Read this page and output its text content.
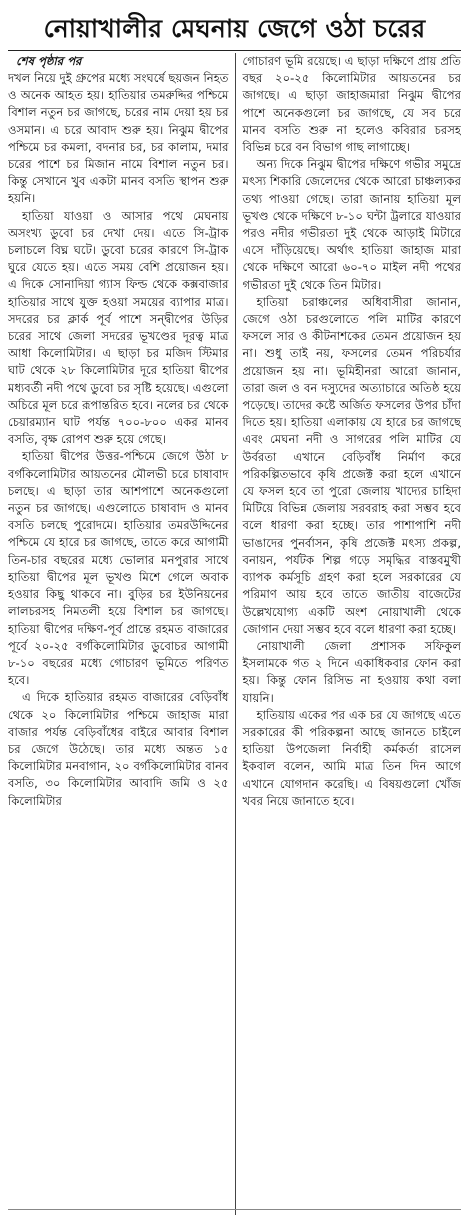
নোয়াখালীর মেঘনায় জেগে ওঠা চরের

শেষ পৃষ্ঠার পর

দখল নিয়ে দুই গ্রুপের মধ্যে সংঘর্ষে ছয়জন নিহত ও অনেক আহত হয়। হাতিয়ার তমরুদ্দির পশ্চিমে বিশাল নতুন চর জাগছে, চরের নাম দেয়া হয় চর ওসমান। এ চরে আবাদ শুরু হয়। নিঝুম দ্বীপের পশ্চিমে চর কমলা, বদনার চর, চর কালাম, দমার চরের পাশে চর মিজান নামে বিশাল নতুন চর। কিন্তু সেখানে খুব একটা মানব বসতি স্থাপন শুরু হয়নি।

হাতিয়া যাওয়া ও আসার পথে মেঘনায় অসংখ্য ডুবো চর দেখা দেয়। এতে সি-ট্রাক চলাচলে বিঘ্ন ঘটে। ডুবো চরের কারণে সি-ট্রাক ঘুরে যেতে হয়। এতে সময় বেশি প্রয়োজন হয়। এ দিকে সোনাদিয়া গ্যাস ফিল্ড থেকে কক্সবাজার হাতিয়ার সাথে যুক্ত হওয়া সময়ের ব্যাপার মাত্র। সদরের চর ক্লার্ক পূর্ব পাশে সন্দ্বীপের উড়ির চরের সাথে জেলা সদরের ভূখণ্ডের দূরত্ব মাত্র আধা কিলোমিটার। এ ছাড়া চর মজিদ স্টিমার ঘাট থেকে ২৮ কিলোমিটার দূরে হাতিয়া দ্বীপের মধ্যবর্তী নদী পথে ডুবো চর সৃষ্টি হয়েছে। এগুলো অচিরে মূল চরে রূপান্তরিত হবে। নলের চর থেকে চেয়ারম্যান ঘাট পর্যন্ত ৭০০-৮০০ একর মানব বসতি, বৃক্ষ রোপণ শুরু হয়ে গেছে।

হাতিয়া দ্বীপের উত্তর-পশ্চিমে জেগে উঠা ৮ বর্গকিলোমিটার আয়তনের মৌলভী চরে চাষাবাদ চলছে। এ ছাড়া তার আশপাশে অনেকগুলো নতুন চর জাগছে। এগুলোতে চাষাবাদ ও মানব বসতি চলছে পুরোদমে। হাতিয়ার তমরউদ্দিনের পশ্চিমে যে হারে চর জাগছে, তাতে করে আগামী তিন-চার বছরের মধ্যে ভোলার মনপুরার সাথে হাতিয়া দ্বীপের মূল ভূখণ্ড মিশে গেলে অবাক হওয়ার কিছু থাকবে না। বুড়ির চর ইউনিয়নের লালচরসহ নিমতলী হয়ে বিশাল চর জাগছে। হাতিয়া দ্বীপের দক্ষিণ-পূর্ব প্রান্তে রহমত বাজারের পূর্বে ২০-২৫ বর্গকিলোমিটার ডুবোচর আগামী ৮-১০ বছরের মধ্যে গোচারণ ভূমিতে পরিণত হবে।

এ দিকে হাতিয়ার রহমত বাজারের বেড়িবাঁধ থেকে ২০ কিলোমিটার পশ্চিমে জাহাজ মারা বাজার পর্যন্ত বেড়িবাঁধের বাইরে আবার বিশাল চর জেগে উঠেছে। তার মধ্যে অন্তত ১৫ কিলোমিটার মনবাগান, ২০ বর্গকিলোমিটার বানব বসতি, ৩০ কিলোমিটার আবাদি জমি ও ২৫ কিলোমিটার

গোচারণ ভূমি রয়েছে। এ ছাড়া দক্ষিণে প্রায় প্রতি বছর ২০-২৫ কিলোমিটার আয়তনের চর জাগছে। এ ছাড়া জাহাজমারা নিঝুম দ্বীপের পাশে অনেকগুলো চর জাগছে, যে সব চরে মানব বসতি শুরু না হলেও কবিরার চরসহ বিভিন্ন চরে বন বিভাগ গাছ লাগাচ্ছে।

অন্য দিকে নিঝুম দ্বীপের দক্ষিণে গভীর সমুদ্রে মৎস্য শিকারি জেলেদের থেকে আরো চাঞ্চল্যকর তথ্য পাওয়া গেছে। তারা জানায় হাতিয়া মূল ভূখণ্ড থেকে দক্ষিণে ৮-১০ ঘন্টা ট্রলারে যাওয়ার পরও নদীর গভীরতা দুই থেকে আড়াই মিটারে এসে দাঁড়িয়েছে। অর্থাৎ হাতিয়া জাহাজ মারা থেকে দক্ষিণে আরো ৬০-৭০ মাইল নদী পথের গভীরতা দুই থেকে তিন মিটার।

হাতিয়া চরাঞ্চলের অধিবাসীরা জানান, জেগে ওঠা চরগুলোতে পলি মাটির কারণে ফসলে সার ও কীটনাশকের তেমন প্রয়োজন হয় না। শুধু তাই নয়, ফসলের তেমন পরিচর্যার প্রয়োজন হয় না। ভূমিহীনরা আরো জানান, তারা জল ও বন দস্যুদের অত্যাচারে অতিষ্ঠ হয়ে পড়েছে। তাদের কষ্টে অর্জিত ফসলের উপর চাঁদা দিতে হয়। হাতিয়া এলাকায় যে হারে চর জাগছে এবং মেঘনা নদী ও সাগরের পলি মাটির যে উর্বরতা এখানে বেড়িবাঁধ নির্মাণ করে পরিকল্পিতভাবে কৃষি প্রজেক্ট করা হলে এখানে যে ফসল হবে তা পুরো জেলায় খাদ্যের চাহিদা মিটিয়ে বিভিন্ন জেলায় সরবরাহ করা সম্ভব হবে বলে ধারণা করা হচ্ছে। তার পাশাপাশি নদী ভাঙাদের পুনর্বাসন, কৃষি প্রজেক্ট মৎস্য প্রকল্প, বনায়ন, পর্যটক শিল্প গড়ে সমৃদ্ধির বাস্তবমুখী ব্যাপক কর্মসূচি গ্রহণ করা হলে সরকারের যে পরিমাণ আয় হবে তাতে জাতীয় বাজেটের উল্লেখযোগ্য একটি অংশ নোয়াখালী থেকে জোগান দেয়া সম্ভব হবে বলে ধারণা করা হচ্ছে।

নোয়াখালী জেলা প্রশাসক সফিকুল ইসলামকে গত ২ দিনে একাধিকবার ফোন করা হয়। কিন্তু ফোন রিসিভ না হওয়ায় কথা বলা যায়নি।

হাতিয়ায় একের পর এক চর যে জাগছে এতে সরকারের কী পরিকল্পনা আছে জানতে চাইলে হাতিয়া উপজেলা নির্বাহী কর্মকর্তা রাসেল ইকবাল বলেন, আমি মাত্র তিন দিন আগে এখানে যোগদান করেছি। এ বিষয়গুলো খোঁজ খবর নিয়ে জানাতে হবে।
